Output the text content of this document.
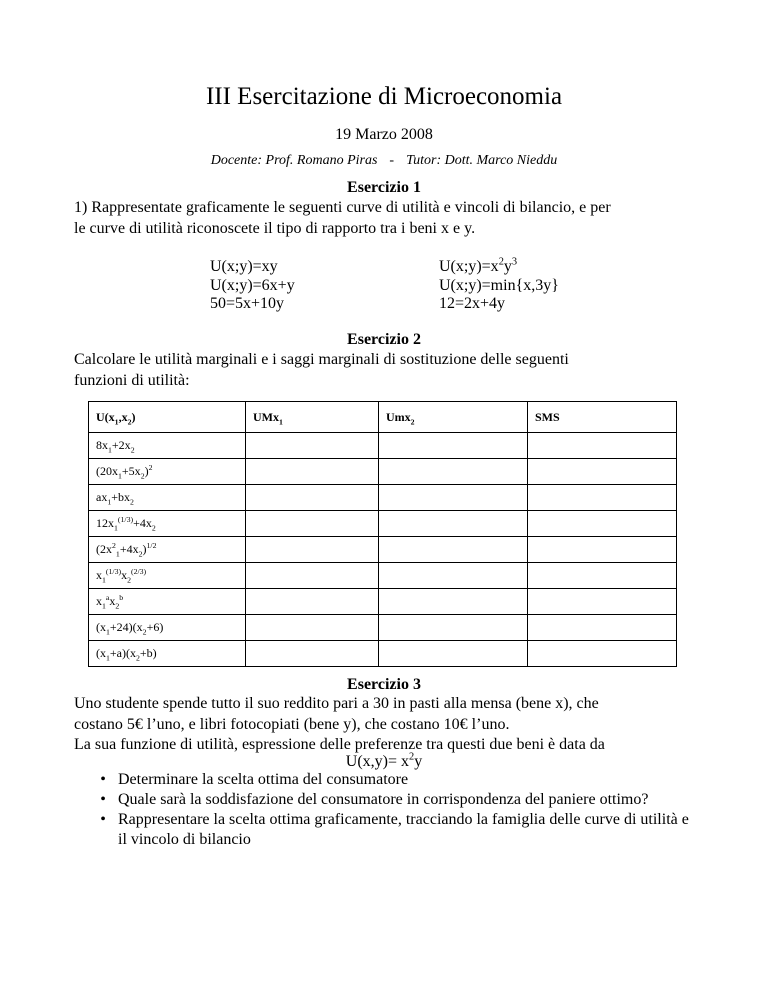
III Esercitazione di Microeconomia
19 Marzo 2008
Docente: Prof. Romano Piras - Tutor: Dott. Marco Nieddu
Esercizio 1
1) Rappresentate graficamente le seguenti curve di utilità e vincoli di bilancio, e per
le curve di utilità riconoscete il tipo di rapporto tra i beni x e y.
U(x;y)=xy
U(x;y)=6x+y
50=5x+10y
$U(x;y)=x^2y^3$
U(x;y)=min{x,3y}
12=2x+4y
Esercizio 2
Calcolare le utilità marginali e i saggi marginali di sostituzione delle seguenti
funzioni di utilità:
$U(x_1,x_2)$	UMx$_1$	Umx$_2$	SMS
$8x_1+2x_2$			
$(20x_1+5x_2)^2$			
$ax_1+bx_2$			
$12x_1^{(1/3)}+4x_2$			
$(2x^2_1+4x_2)^{1/2}$			
$x_1^{(1/3)}x_2^{(2/3)}$			
$x_1^ax_2^b$			
$(x_1+24)(x_2+6)$			
$(x_1+a)(x_2+b)$			
Esercizio 3
Uno studente spende tutto il suo reddito pari a 30 in pasti alla mensa (bene x), che
costano 5€ l’uno, e libri fotocopiati (bene y), che costano 10€ l’uno.
La sua funzione di utilità, espressione delle preferenze tra questi due beni è data da
$U(x,y)= x^2y$
• Determinare la scelta ottima del consumatore
• Quale sarà la soddisfazione del consumatore in corrispondenza del paniere ottimo?
• Rappresentare la scelta ottima graficamente, tracciando la famiglia delle curve di utilità e il vincolo di bilancio
